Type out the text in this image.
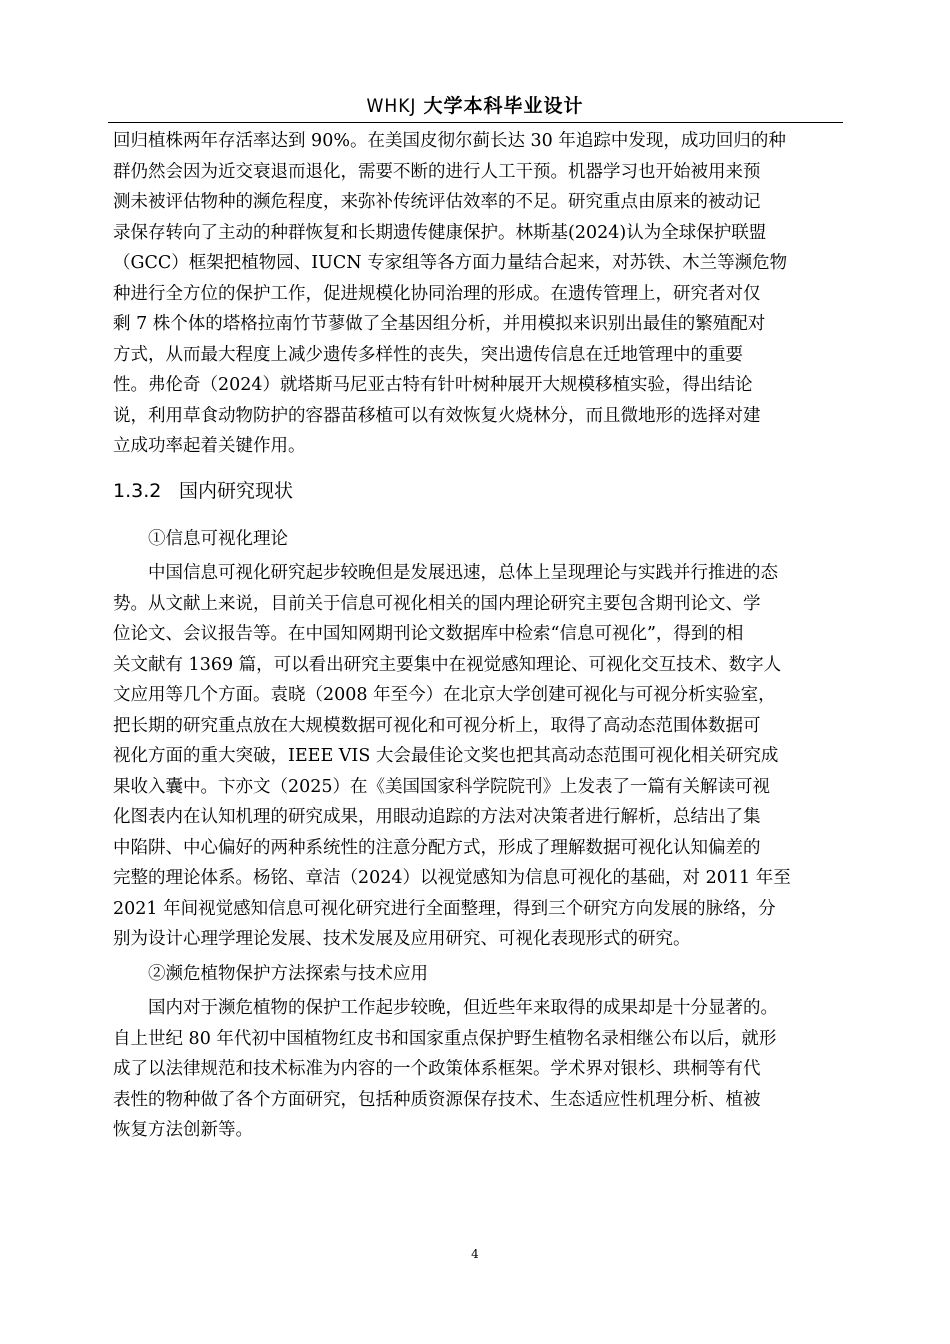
WHKJ 大学本科毕业设计

回归植株两年存活率达到 90%。在美国皮彻尔蓟长达 30 年追踪中发现，成功回归的种
群仍然会因为近交衰退而退化，需要不断的进行人工干预。机器学习也开始被用来预
测未被评估物种的濒危程度，来弥补传统评估效率的不足。研究重点由原来的被动记
录保存转向了主动的种群恢复和长期遗传健康保护。林斯基(2024)认为全球保护联盟
（GCC）框架把植物园、IUCN 专家组等各方面力量结合起来，对苏铁、木兰等濒危物
种进行全方位的保护工作，促进规模化协同治理的形成。在遗传管理上，研究者对仅
剩 7 株个体的塔格拉南竹节蓼做了全基因组分析，并用模拟来识别出最佳的繁殖配对
方式，从而最大程度上减少遗传多样性的丧失，突出遗传信息在迁地管理中的重要
性。弗伦奇（2024）就塔斯马尼亚古特有针叶树种展开大规模移植实验，得出结论
说，利用草食动物防护的容器苗移植可以有效恢复火烧林分，而且微地形的选择对建
立成功率起着关键作用。

1.3.2 国内研究现状
①信息可视化理论

中国信息可视化研究起步较晚但是发展迅速，总体上呈现理论与实践并行推进的态
势。从文献上来说，目前关于信息可视化相关的国内理论研究主要包含期刊论文、学
位论文、会议报告等。在中国知网期刊论文数据库中检索“信息可视化”，得到的相
关文献有 1369 篇，可以看出研究主要集中在视觉感知理论、可视化交互技术、数字人
文应用等几个方面。袁晓（2008 年至今）在北京大学创建可视化与可视分析实验室，
把长期的研究重点放在大规模数据可视化和可视分析上，取得了高动态范围体数据可
视化方面的重大突破，IEEE VIS 大会最佳论文奖也把其高动态范围可视化相关研究成
果收入囊中。卞亦文（2025）在《美国国家科学院院刊》上发表了一篇有关解读可视
化图表内在认知机理的研究成果，用眼动追踪的方法对决策者进行解析，总结出了集
中陷阱、中心偏好的两种系统性的注意分配方式，形成了理解数据可视化认知偏差的
完整的理论体系。杨铭、章洁（2024）以视觉感知为信息可视化的基础，对 2011 年至
2021 年间视觉感知信息可视化研究进行全面整理，得到三个研究方向发展的脉络，分
别为设计心理学理论发展、技术发展及应用研究、可视化表现形式的研究。

②濒危植物保护方法探索与技术应用

国内对于濒危植物的保护工作起步较晚，但近些年来取得的成果却是十分显著的。
自上世纪 80 年代初中国植物红皮书和国家重点保护野生植物名录相继公布以后，就形
成了以法律规范和技术标准为内容的一个政策体系框架。学术界对银杉、珙桐等有代
表性的物种做了各个方面研究，包括种质资源保存技术、生态适应性机理分析、植被
恢复方法创新等。

4
